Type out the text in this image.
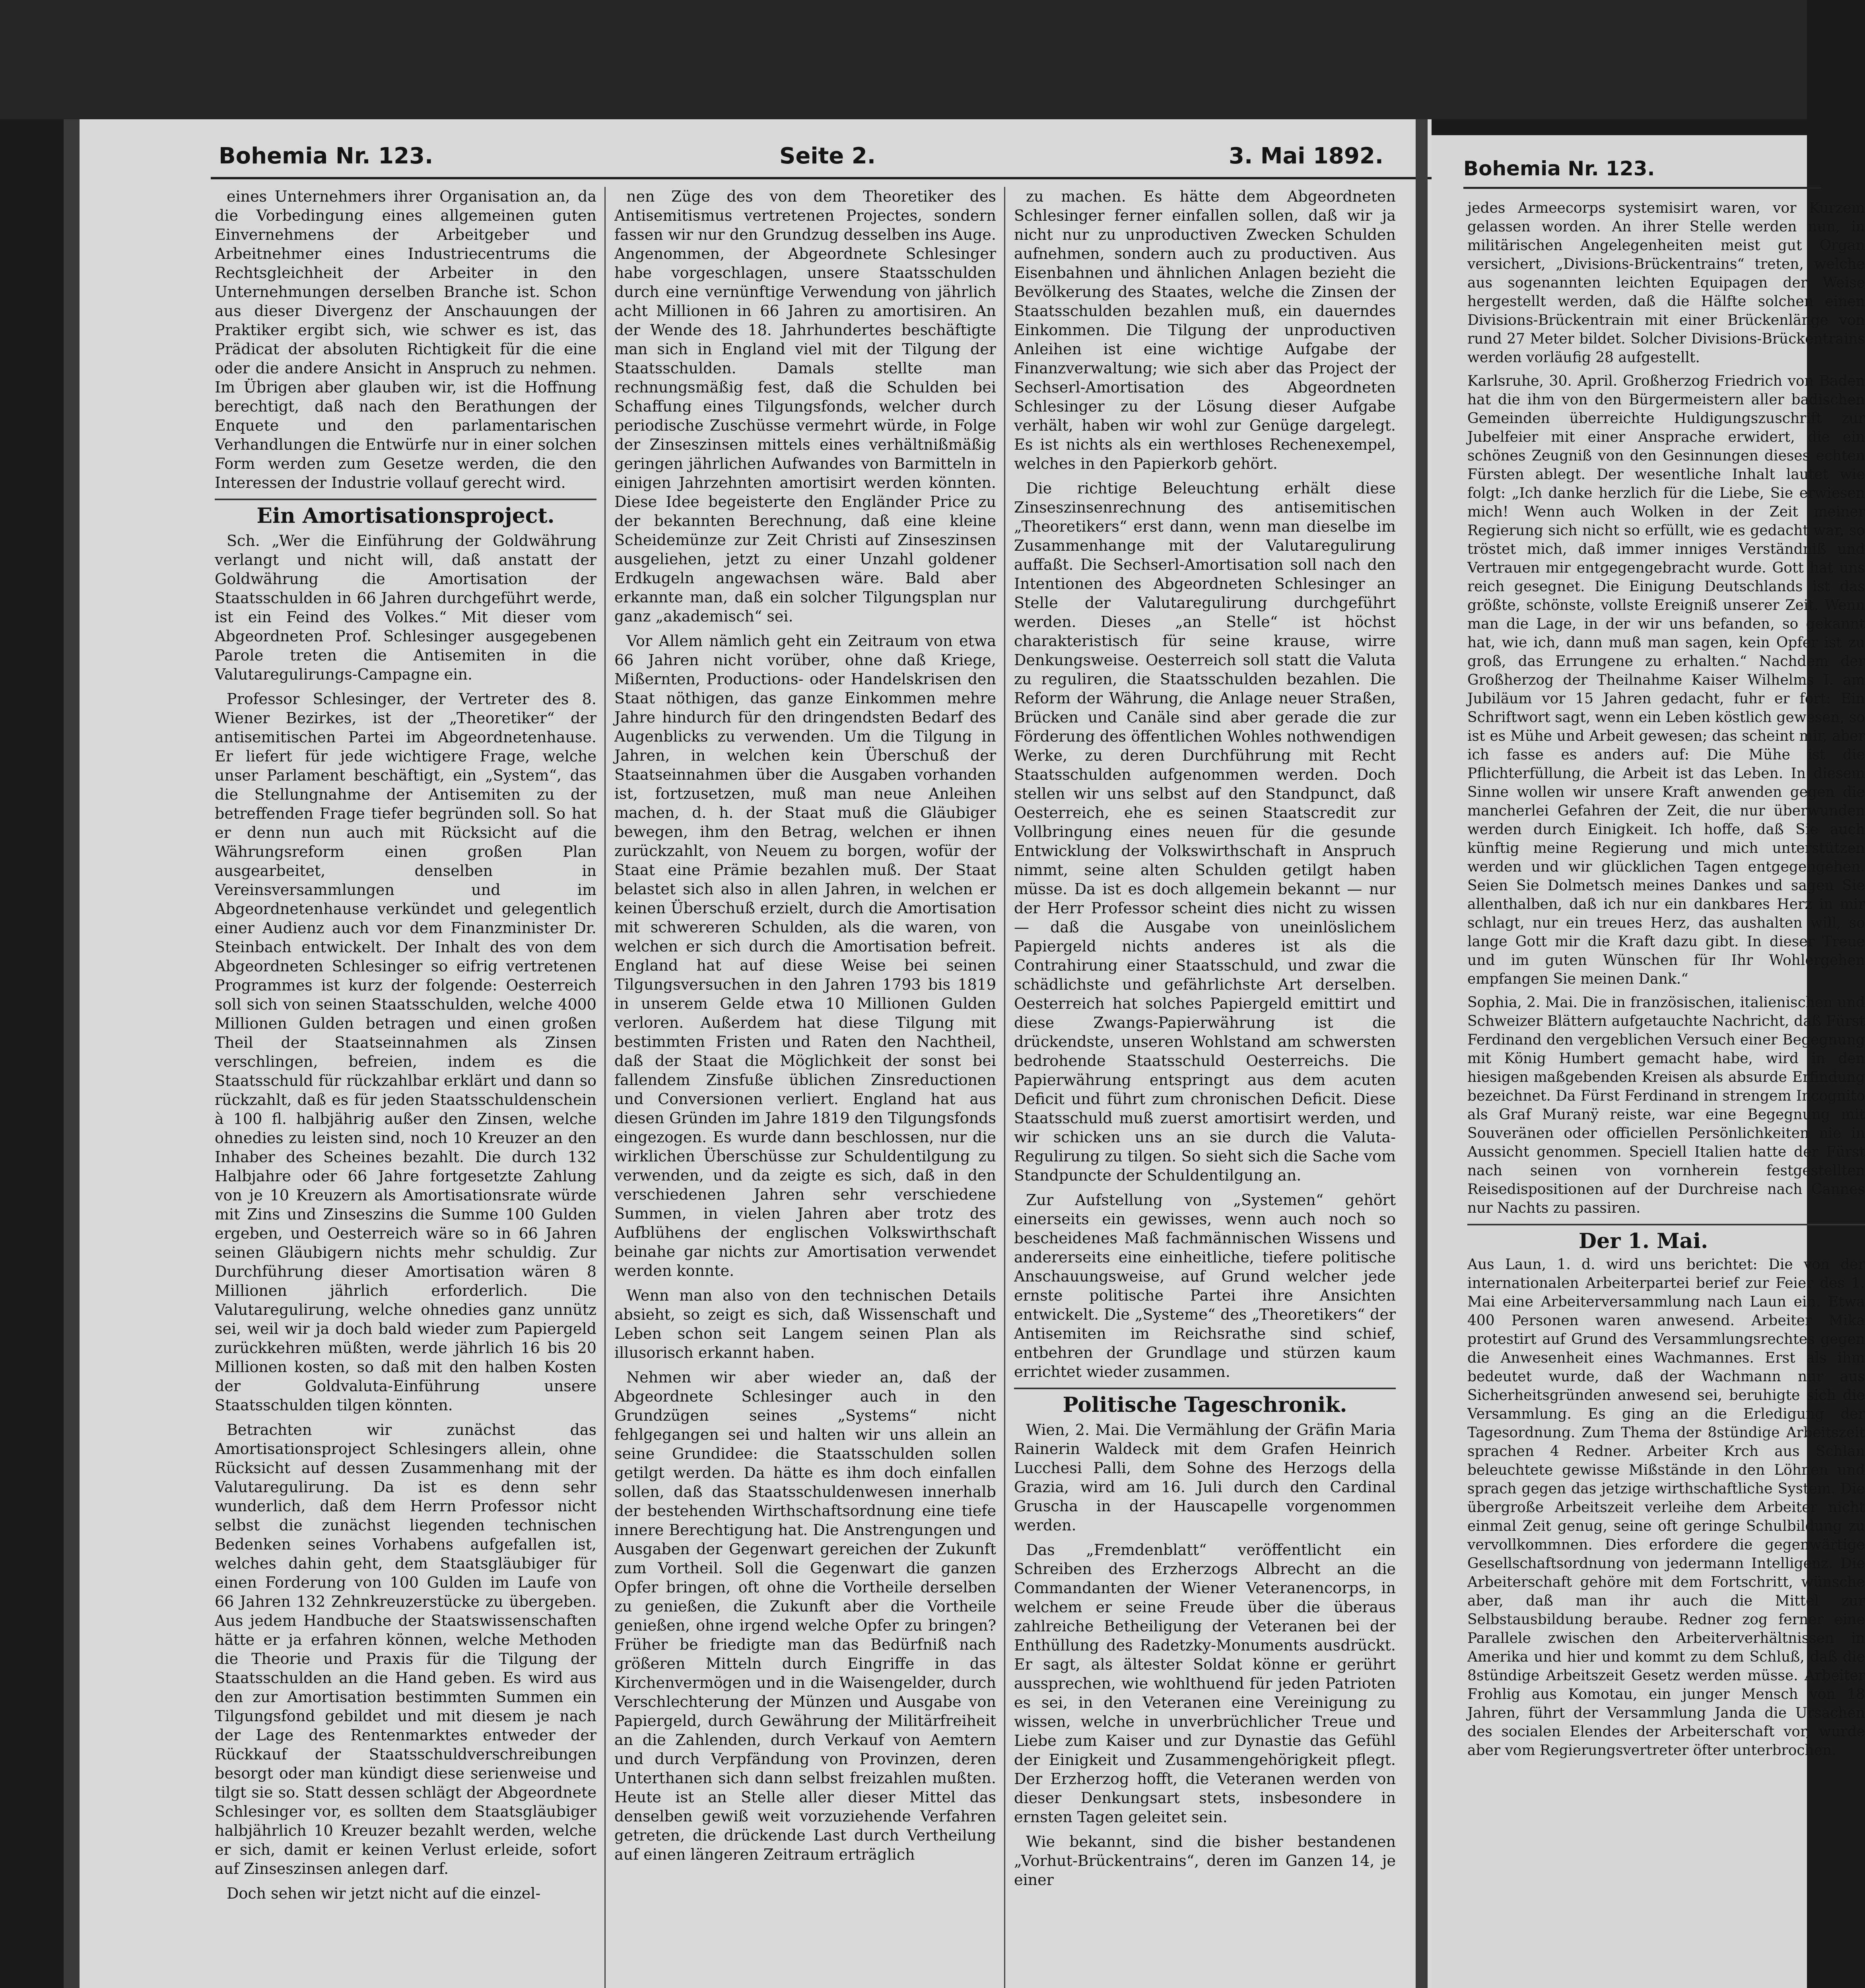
Bohemia Nr. 123.	Seite 2.	3. Mai 1892.

eines Unternehmers ihrer Organisation an, da die Vorbedingung eines allgemeinen guten Einvernehmens der Arbeitgeber und Arbeitnehmer eines Industriecentrums die Rechtsgleichheit der Arbeiter in den Unternehmungen derselben Branche ist. Schon aus dieser Divergenz der Anschauungen der Praktiker ergibt sich, wie schwer es ist, das Prädicat der absoluten Richtigkeit für die eine oder die andere Ansicht in Anspruch zu nehmen. Im Übrigen aber glauben wir, ist die Hoffnung berechtigt, daß nach den Berathungen der Enquete und den parlamentarischen Verhandlungen die Entwürfe nur in einer solchen Form werden zum Gesetze werden, die den Interessen der Industrie vollauf gerecht wird.

Ein Amortisationsproject.

Sch. „Wer die Einführung der Goldwährung verlangt und nicht will, daß anstatt der Goldwährung die Amortisation der Staatsschulden in 66 Jahren durchgeführt werde, ist ein Feind des Volkes.“ Mit dieser vom Abgeordneten Prof. Schlesinger ausgegebenen Parole treten die Antisemiten in die Valutaregulirungs-Campagne ein.

Professor Schlesinger, der Vertreter des 8. Wiener Bezirkes, ist der „Theoretiker“ der antisemitischen Partei im Abgeordnetenhause. Er liefert für jede wichtigere Frage, welche unser Parlament beschäftigt, ein „System“, das die Stellungnahme der Antisemiten zu der betreffenden Frage tiefer begründen soll. So hat er denn nun auch mit Rücksicht auf die Währungsreform einen großen Plan ausgearbeitet, denselben in Vereinsversammlungen und im Abgeordnetenhause verkündet und gelegentlich einer Audienz auch vor dem Finanzminister Dr. Steinbach entwickelt. Der Inhalt des von dem Abgeordneten Schlesinger so eifrig vertretenen Programmes ist kurz der folgende: Oesterreich soll sich von seinen Staatsschulden, welche 4000 Millionen Gulden betragen und einen großen Theil der Staatseinnahmen als Zinsen verschlingen, befreien, indem es die Staatsschuld für rückzahlbar erklärt und dann so rückzahlt, daß es für jeden Staatsschuldenschein à 100 fl. halbjährig außer den Zinsen, welche ohnedies zu leisten sind, noch 10 Kreuzer an den Inhaber des Scheines bezahlt. Die durch 132 Halbjahre oder 66 Jahre fortgesetzte Zahlung von je 10 Kreuzern als Amortisationsrate würde mit Zins und Zinseszins die Summe 100 Gulden ergeben, und Oesterreich wäre so in 66 Jahren seinen Gläubigern nichts mehr schuldig. Zur Durchführung dieser Amortisation wären 8 Millionen jährlich erforderlich. Die Valutaregulirung, welche ohnedies ganz unnütz sei, weil wir ja doch bald wieder zum Papiergeld zurückkehren müßten, werde jährlich 16 bis 20 Millionen kosten, so daß mit den halben Kosten der Goldvaluta-Einführung unsere Staatsschulden tilgen könnten.

Betrachten wir zunächst das Amortisationsproject Schlesingers allein, ohne Rücksicht auf dessen Zusammenhang mit der Valutaregulirung. Da ist es denn sehr wunderlich, daß dem Herrn Professor nicht selbst die zunächst liegenden technischen Bedenken seines Vorhabens aufgefallen ist, welches dahin geht, dem Staatsgläubiger für einen Forderung von 100 Gulden im Laufe von 66 Jahren 132 Zehnkreuzerstücke zu übergeben. Aus jedem Handbuche der Staatswissenschaften hätte er ja erfahren können, welche Methoden die Theorie und Praxis für die Tilgung der Staatsschulden an die Hand geben. Es wird aus den zur Amortisation bestimmten Summen ein Tilgungsfond gebildet und mit diesem je nach der Lage des Rentenmarktes entweder der Rückkauf der Staatsschuldverschreibungen besorgt oder man kündigt diese serienweise und tilgt sie so. Statt dessen schlägt der Abgeordnete Schlesinger vor, es sollten dem Staatsgläubiger halbjährlich 10 Kreuzer bezahlt werden, welche er sich, damit er keinen Verlust erleide, sofort auf Zinseszinsen anlegen darf.

Doch sehen wir jetzt nicht auf die einzel-

nen Züge des von dem Theoretiker des Antisemitismus vertretenen Projectes, sondern fassen wir nur den Grundzug desselben ins Auge. Angenommen, der Abgeordnete Schlesinger habe vorgeschlagen, unsere Staatsschulden durch eine vernünftige Verwendung von jährlich acht Millionen in 66 Jahren zu amortisiren. An der Wende des 18. Jahrhundertes beschäftigte man sich in England viel mit der Tilgung der Staatsschulden. Damals stellte man rechnungsmäßig fest, daß die Schulden bei Schaffung eines Tilgungsfonds, welcher durch periodische Zuschüsse vermehrt würde, in Folge der Zinseszinsen mittels eines verhältnißmäßig geringen jährlichen Aufwandes von Barmitteln in einigen Jahrzehnten amortisirt werden könnten. Diese Idee begeisterte den Engländer Price zu der bekannten Berechnung, daß eine kleine Scheidemünze zur Zeit Christi auf Zinseszinsen ausgeliehen, jetzt zu einer Unzahl goldener Erdkugeln angewachsen wäre. Bald aber erkannte man, daß ein solcher Tilgungsplan nur ganz „akademisch“ sei.

Vor Allem nämlich geht ein Zeitraum von etwa 66 Jahren nicht vorüber, ohne daß Kriege, Mißernten, Productions- oder Handelskrisen den Staat nöthigen, das ganze Einkommen mehre Jahre hindurch für den dringendsten Bedarf des Augenblicks zu verwenden. Um die Tilgung in Jahren, in welchen kein Überschuß der Staatseinnahmen über die Ausgaben vorhanden ist, fortzusetzen, muß man neue Anleihen machen, d. h. der Staat muß die Gläubiger bewegen, ihm den Betrag, welchen er ihnen zurückzahlt, von Neuem zu borgen, wofür der Staat eine Prämie bezahlen muß. Der Staat belastet sich also in allen Jahren, in welchen er keinen Überschuß erzielt, durch die Amortisation mit schwereren Schulden, als die waren, von welchen er sich durch die Amortisation befreit. England hat auf diese Weise bei seinen Tilgungsversuchen in den Jahren 1793 bis 1819 in unserem Gelde etwa 10 Millionen Gulden verloren. Außerdem hat diese Tilgung mit bestimmten Fristen und Raten den Nachtheil, daß der Staat die Möglichkeit der sonst bei fallendem Zinsfuße üblichen Zinsreductionen und Conversionen verliert. England hat aus diesen Gründen im Jahre 1819 den Tilgungsfonds eingezogen. Es wurde dann beschlossen, nur die wirklichen Überschüsse zur Schuldentilgung zu verwenden, und da zeigte es sich, daß in den verschiedenen Jahren sehr verschiedene Summen, in vielen Jahren aber trotz des Aufblühens der englischen Volkswirthschaft beinahe gar nichts zur Amortisation verwendet werden konnte.

Wenn man also von den technischen Details absieht, so zeigt es sich, daß Wissenschaft und Leben schon seit Langem seinen Plan als illusorisch erkannt haben.

Nehmen wir aber wieder an, daß der Abgeordnete Schlesinger auch in den Grundzügen seines „Systems“ nicht fehlgegangen sei und halten wir uns allein an seine Grundidee: die Staatsschulden sollen getilgt werden. Da hätte es ihm doch einfallen sollen, daß das Staatsschuldenwesen innerhalb der bestehenden Wirthschaftsordnung eine tiefe innere Berechtigung hat. Die Anstrengungen und Ausgaben der Gegenwart gereichen der Zukunft zum Vortheil. Soll die Gegenwart die ganzen Opfer bringen, oft ohne die Vortheile derselben zu genießen, die Zukunft aber die Vortheile genießen, ohne irgend welche Opfer zu bringen? Früher be friedigte man das Bedürfniß nach größeren Mitteln durch Eingriffe in das Kirchenvermögen und in die Waisengelder, durch Verschlechterung der Münzen und Ausgabe von Papiergeld, durch Gewährung der Militärfreiheit an die Zahlenden, durch Verkauf von Aemtern und durch Verpfändung von Provinzen, deren Unterthanen sich dann selbst freizahlen mußten. Heute ist an Stelle aller dieser Mittel das denselben gewiß weit vorzuziehende Verfahren getreten, die drückende Last durch Vertheilung auf einen längeren Zeitraum erträglich

zu machen. Es hätte dem Abgeordneten Schlesinger ferner einfallen sollen, daß wir ja nicht nur zu unproductiven Zwecken Schulden aufnehmen, sondern auch zu productiven. Aus Eisenbahnen und ähnlichen Anlagen bezieht die Bevölkerung des Staates, welche die Zinsen der Staatsschulden bezahlen muß, ein dauerndes Einkommen. Die Tilgung der unproductiven Anleihen ist eine wichtige Aufgabe der Finanzverwaltung; wie sich aber das Project der Sechserl-Amortisation des Abgeordneten Schlesinger zu der Lösung dieser Aufgabe verhält, haben wir wohl zur Genüge dargelegt. Es ist nichts als ein werthloses Rechenexempel, welches in den Papierkorb gehört.

Die richtige Beleuchtung erhält diese Zinseszinsenrechnung des antisemitischen „Theoretikers“ erst dann, wenn man dieselbe im Zusammenhange mit der Valutaregulirung auffaßt. Die Sechserl-Amortisation soll nach den Intentionen des Abgeordneten Schlesinger an Stelle der Valutaregulirung durchgeführt werden. Dieses „an Stelle“ ist höchst charakteristisch für seine krause, wirre Denkungsweise. Oesterreich soll statt die Valuta zu reguliren, die Staatsschulden bezahlen. Die Reform der Währung, die Anlage neuer Straßen, Brücken und Canäle sind aber gerade die zur Förderung des öffentlichen Wohles nothwendigen Werke, zu deren Durchführung mit Recht Staatsschulden aufgenommen werden. Doch stellen wir uns selbst auf den Standpunct, daß Oesterreich, ehe es seinen Staatscredit zur Vollbringung eines neuen für die gesunde Entwicklung der Volkswirthschaft in Anspruch nimmt, seine alten Schulden getilgt haben müsse. Da ist es doch allgemein bekannt — nur der Herr Professor scheint dies nicht zu wissen — daß die Ausgabe von uneinlöslichem Papiergeld nichts anderes ist als die Contrahirung einer Staatsschuld, und zwar die schädlichste und gefährlichste Art derselben. Oesterreich hat solches Papiergeld emittirt und diese Zwangs-Papierwährung ist die drückendste, unseren Wohlstand am schwersten bedrohende Staatsschuld Oesterreichs. Die Papierwährung entspringt aus dem acuten Deficit und führt zum chronischen Deficit. Diese Staatsschuld muß zuerst amortisirt werden, und wir schicken uns an sie durch die Valuta-Regulirung zu tilgen. So sieht sich die Sache vom Standpuncte der Schuldentilgung an.

Zur Aufstellung von „Systemen“ gehört einerseits ein gewisses, wenn auch noch so bescheidenes Maß fachmännischen Wissens und andererseits eine einheitliche, tiefere politische Anschauungsweise, auf Grund welcher jede ernste politische Partei ihre Ansichten entwickelt. Die „Systeme“ des „Theoretikers“ der Antisemiten im Reichsrathe sind schief, entbehren der Grundlage und stürzen kaum errichtet wieder zusammen.

Politische Tageschronik.

Wien, 2. Mai. Die Vermählung der Gräfin Maria Rainerin Waldeck mit dem Grafen Heinrich Lucchesi Palli, dem Sohne des Herzogs della Grazia, wird am 16. Juli durch den Cardinal Gruscha in der Hauscapelle vorgenommen werden.

Das „Fremdenblatt“ veröffentlicht ein Schreiben des Erzherzogs Albrecht an die Commandanten der Wiener Veteranencorps, in welchem er seine Freude über die überaus zahlreiche Betheiligung der Veteranen bei der Enthüllung des Radetzky-Monuments ausdrückt. Er sagt, als ältester Soldat könne er gerührt aussprechen, wie wohlthuend für jeden Patrioten es sei, in den Veteranen eine Vereinigung zu wissen, welche in unverbrüchlicher Treue und Liebe zum Kaiser und zur Dynastie das Gefühl der Einigkeit und Zusammengehörigkeit pflegt. Der Erzherzog hofft, die Veteranen werden von dieser Denkungsart stets, insbesondere in ernsten Tagen geleitet sein.

Wie bekannt, sind die bisher bestandenen „Vorhut-Brückentrains“, deren im Ganzen 14, je einer

Bohemia Nr. 123.

jedes Armeecorps systemisirt waren, vor Kurzem gelassen worden. An ihrer Stelle werden nun, in militärischen Angelegenheiten meist gut Organ versichert, „Divisions-Brückentrains“ treten, welche aus sogenannten leichten Equipagen der Weise hergestellt werden, daß die Hälfte solchen einen Divisions-Brückentrain mit einer Brückenlänge von rund 27 Meter bildet. Solcher Divisions-Brückentrains werden vorläufig 28 aufgestellt.

Karlsruhe, 30. April. Großherzog Friedrich von Baden hat die ihm von den Bürgermeistern aller badischen Gemeinden überreichte Huldigungszuschrift zur Jubelfeier mit einer Ansprache erwidert, die ein schönes Zeugniß von den Gesinnungen dieses echten Fürsten ablegt. Der wesentliche Inhalt lautet wie folgt: „Ich danke herzlich für die Liebe, Sie erwiesen mich! Wenn auch Wolken in der Zeit meiner Regierung sich nicht so erfüllt, wie es gedacht war, so tröstet mich, daß immer inniges Verständniß und Vertrauen mir entgegengebracht wurde. Gott hat uns reich gesegnet. Die Einigung Deutschlands ist das größte, schönste, vollste Ereigniß unserer Zeit. Wenn man die Lage, in der wir uns befanden, so gekannt hat, wie ich, dann muß man sagen, kein Opfer ist zu groß, das Errungene zu erhalten.“ Nachdem der Großherzog der Theilnahme Kaiser Wilhelms I. am Jubiläum vor 15 Jahren gedacht, fuhr er fort: Ein Schriftwort sagt, wenn ein Leben köstlich gewesen, so ist es Mühe und Arbeit gewesen; das scheint mir, aber ich fasse es anders auf: Die Mühe ist die Pflichterfüllung, die Arbeit ist das Leben. In diesem Sinne wollen wir unsere Kraft anwenden gegen die mancherlei Gefahren der Zeit, die nur überwunden werden durch Einigkeit. Ich hoffe, daß Sie auch künftig meine Regierung und mich unterstützen werden und wir glücklichen Tagen entgegengehen. Seien Sie Dolmetsch meines Dankes und sagen Sie allenthalben, daß ich nur ein dankbares Herz in mir schlagt, nur ein treues Herz, das aushalten will, so lange Gott mir die Kraft dazu gibt. In dieser Treue und im guten Wünschen für Ihr Wohlergehen empfangen Sie meinen Dank.“

Sophia, 2. Mai. Die in französischen, italienischen und Schweizer Blättern aufgetauchte Nachricht, daß Fürst Ferdinand den vergeblichen Versuch einer Begegnung mit König Humbert gemacht habe, wird in den hiesigen maßgebenden Kreisen als absurde Erfindung bezeichnet. Da Fürst Ferdinand in strengem Incognito als Graf Muranÿ reiste, war eine Begegnung mit Souveränen oder officiellen Persönlichkeiten nie in Aussicht genommen. Speciell Italien hatte der Fürst nach seinen von vornherein festgestellten Reisedispositionen auf der Durchreise nach Cannes nur Nachts zu passiren.

Der 1. Mai.

Aus Laun, 1. d. wird uns berichtet: Die von der internationalen Arbeiterpartei berief zur Feier des 1. Mai eine Arbeiterversammlung nach Laun ein. Etwa 400 Personen waren anwesend. Arbeiter Mika protestirt auf Grund des Versammlungsrechtes gegen die Anwesenheit eines Wachmannes. Erst als ihm bedeutet wurde, daß der Wachmann nur aus Sicherheitsgründen anwesend sei, beruhigte sich die Versammlung. Es ging an die Erledigung der Tagesordnung. Zum Thema der 8stündige Arbeitszeit sprachen 4 Redner. Arbeiter Krch aus Schlan beleuchtete gewisse Mißstände in den Löhnen und sprach gegen das jetzige wirthschaftliche System. Die übergroße Arbeitszeit verleihe dem Arbeiter nicht einmal Zeit genug, seine oft geringe Schulbildung zu vervollkommnen. Dies erfordere die gegenwärtige Gesellschaftsordnung von jedermann Intelligenz. Die Arbeiterschaft gehöre mit dem Fortschritt, wünsche aber, daß man ihr auch die Mittel zur Selbstausbildung beraube. Redner zog ferner eine Parallele zwischen den Arbeiterverhältnissen in Amerika und hier und kommt zu dem Schluß, daß die 8stündige Arbeitszeit Gesetz werden müsse. Arbeiter Frohlig aus Komotau, ein junger Mensch von 18 Jahren, führt der Versammlung Janda die Ursachen des socialen Elendes der Arbeiterschaft vor, wurde aber vom Regierungsvertreter öfter unterbrochen.
